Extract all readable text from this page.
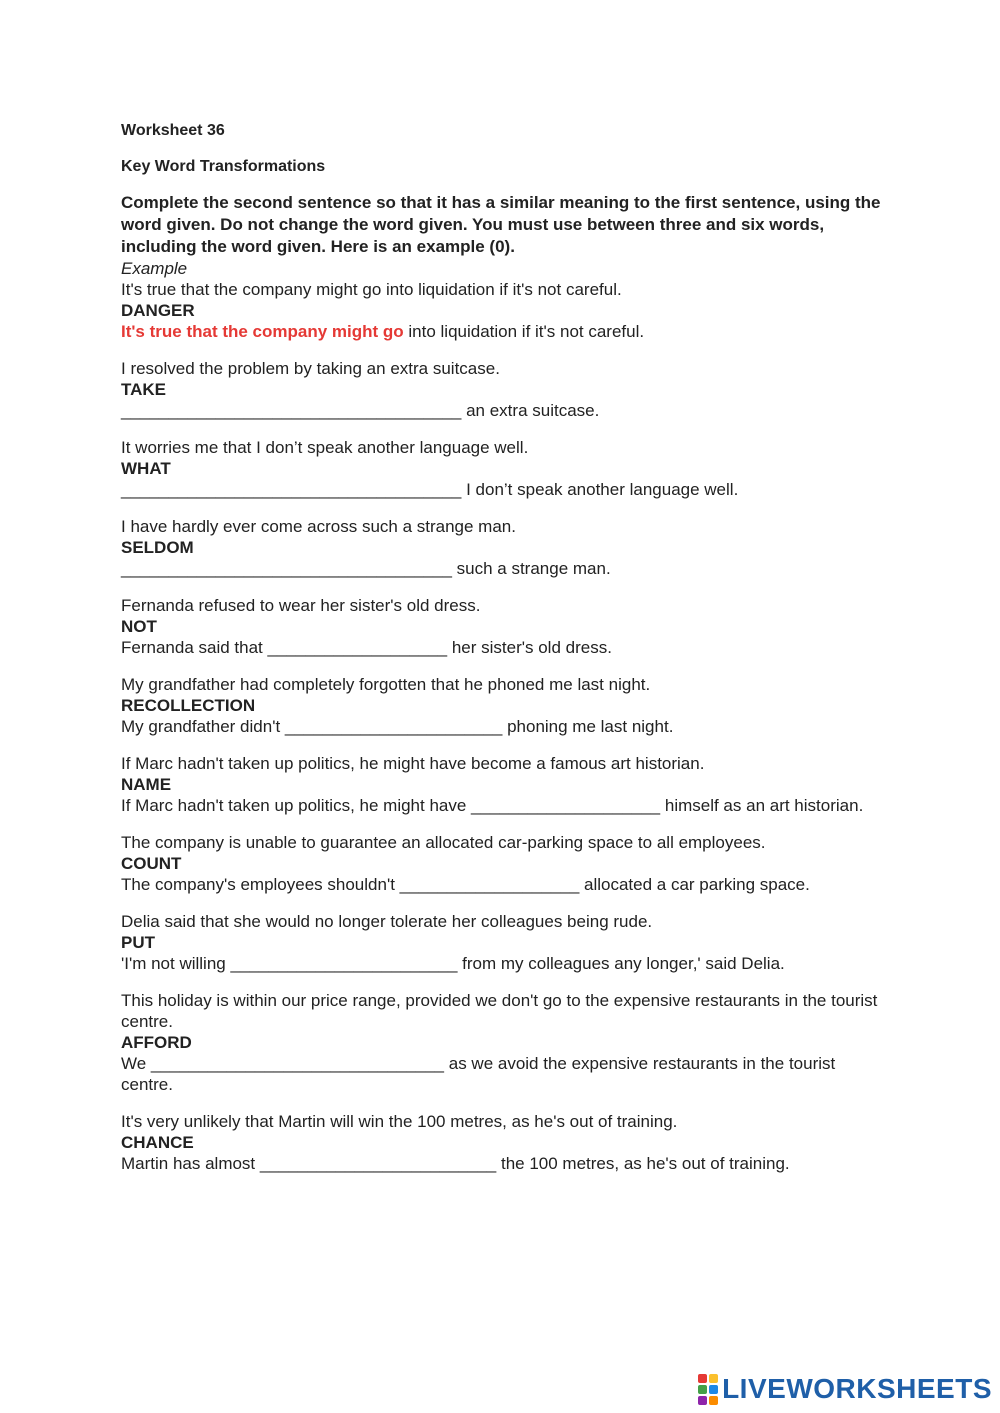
Worksheet 36

Key Word Transformations

Complete the second sentence so that it has a similar meaning to the first sentence, using the word given. Do not change the word given. You must use between three and six words, including the word given. Here is an example (0).

Example

It's true that the company might go into liquidation if it's not careful.

DANGER

It's true that the company might go into liquidation if it's not careful.

I resolved the problem by taking an extra suitcase.

TAKE

____________________________________ an extra suitcase.

It worries me that I don’t speak another language well.

WHAT

____________________________________ I don’t speak another language well.

I have hardly ever come across such a strange man.

SELDOM

___________________________________ such a strange man.

Fernanda refused to wear her sister's old dress.

NOT

Fernanda said that ___________________ her sister's old dress.

My grandfather had completely forgotten that he phoned me last night.

RECOLLECTION

My grandfather didn't _______________________ phoning me last night.

If Marc hadn't taken up politics, he might have become a famous art historian.

NAME

If Marc hadn't taken up politics, he might have ____________________ himself as an art historian.

The company is unable to guarantee an allocated car-parking space to all employees.

COUNT

The company's employees shouldn't ___________________ allocated a car parking space.

Delia said that she would no longer tolerate her colleagues being rude.

PUT

'I'm not willing ________________________ from my colleagues any longer,' said Delia.

This holiday is within our price range, provided we don't go to the expensive restaurants in the tourist centre.

AFFORD

We _______________________________ as we avoid the expensive restaurants in the tourist centre.

It's very unlikely that Martin will win the 100 metres, as he's out of training.

CHANCE

Martin has almost _________________________ the 100 metres, as he's out of training.

LIVEWORKSHEETS
